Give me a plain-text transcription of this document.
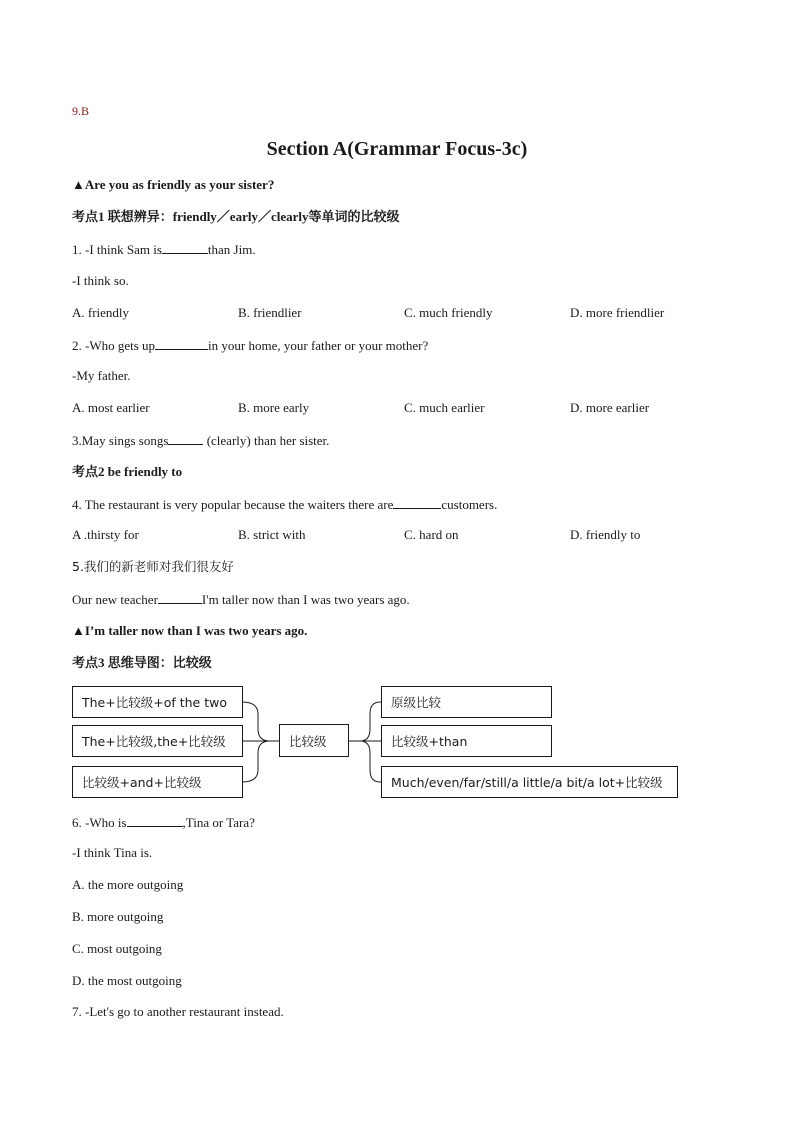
9.B
Section A(Grammar Focus-3c)
▲Are you as friendly as your sister?
考点1 联想辨异：friendly／early／clearly等单词的比较级
1. -I think Sam is	than Jim.
-I think so.
A. friendly	B. friendlier	C. much friendly	D. more friendlier
2. -Who gets up	in your home, your father or your mother?
-My father.
A. most earlier	B. more early	C. much earlier	D. more earlier
3.May sings songs	(clearly) than her sister.
考点2 be friendly to
4. The restaurant is very popular because the waiters there are	customers.
A .thirsty for	B. strict with	C. hard on	D. friendly to
5.我们的新老师对我们很友好
Our new teacher	I'm taller now than I was two years ago.
▲I’m taller now than I was two years ago.
考点3 思维导图：比较级
The+比较级+of the two
The+比较级,the+比较级
比较级+and+比较级
比较级
原级比较
比较级+than
Much/even/far/still/a little/a bit/a lot+比较级
6. -Who is	,Tina or Tara?
-I think Tina is.
A. the more outgoing
B. more outgoing
C. most outgoing
D. the most outgoing
7. -Let's go to another restaurant instead.
